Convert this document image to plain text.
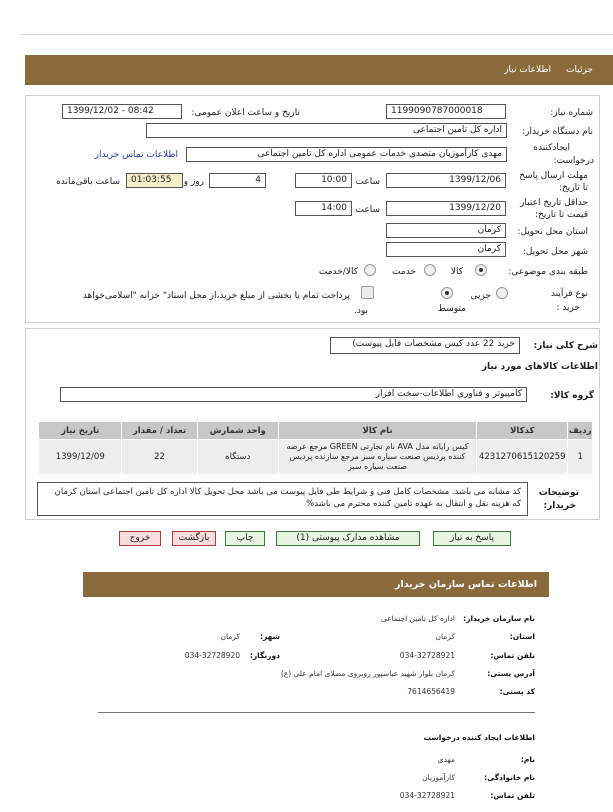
جزئیات
اطلاعات نیاز
شماره نیاز:
1199090787000018
تاریخ و ساعت اعلان عمومی:
1399/12/02 - 08:42
نام دستگاه خریدار:
اداره کل تامین اجتماعی
ایجادکننده
درخواست:
مهدی کارآموزیان متصدی خدمات عمومی اداره کل تامین اجتماعی
اطلاعات تماس خریدار
مهلت ارسال پاسخ
تا تاریخ:
1399/12/06
ساعت
10:00
4
روز و
01:03:55
ساعت باقی‌مانده
حداقل تاریخ اعتبار
قیمت تا تاریخ:
1399/12/20
ساعت
14:00
استان محل تحویل:
کرمان
شهر محل تحویل:
کرمان
طبقه بندی موضوعی:
کالا
خدمت
کالا/خدمت
نوع فرآیند
خرید :
جزیی
متوسط
پرداخت تمام یا بخشی از مبلغ خرید،از محل اسناد" خزانه "اسلامی‌خواهد
بود.
شرح کلی نیاز:
خرید 22 عدد کیس مشخصات فایل پیوست)
اطلاعات کالاهای مورد نیاز
گروه کالا:
کامپیوتر و فناوری اطلاعات-سخت افزار
ردیف	کدکالا	نام کالا	واحد شمارش	تعداد / مقدار	تاریخ نیاز
1	4231270615120259	کیس رایانه مدل AVA نام تجارتی GREEN مرجع عرضه کننده پردیس صنعت سیاره سبز مرجع سازنده پردیس صنعت سیاره سبز	دستگاه	22	1399/12/09
توضیحات
خریدار:
کد مشابه می باشد. مشخصات کامل فنی و شرایط طی فایل پیوست می باشد محل تحویل کالا اداره کل تامین اجتماعی استان کرمان که هزینه نقل و انتقال به عهده تامین کننده محترم می باشد%
پاسخ به نیاز
مشاهده مدارک پیوستی (1)
چاپ
بازگشت
خروج
اطلاعات تماس سازمان خریدار
نام سازمان خریدار:
اداره کل تامین اجتماعی
استان:
کرمان
شهر:
کرمان
تلفن تماس:
034-32728921
دورنگار:
034-32728920
آدرس پستی:
کرمان بلوار شهید عباسپور روبروی مصلای امام علی (ع)
کد پستی:
7614656419
اطلاعات ایجاد کننده درخواست
نام:
مهدی
نام خانوادگی:
کارآموزیان
تلفن تماس:
034-32728921
